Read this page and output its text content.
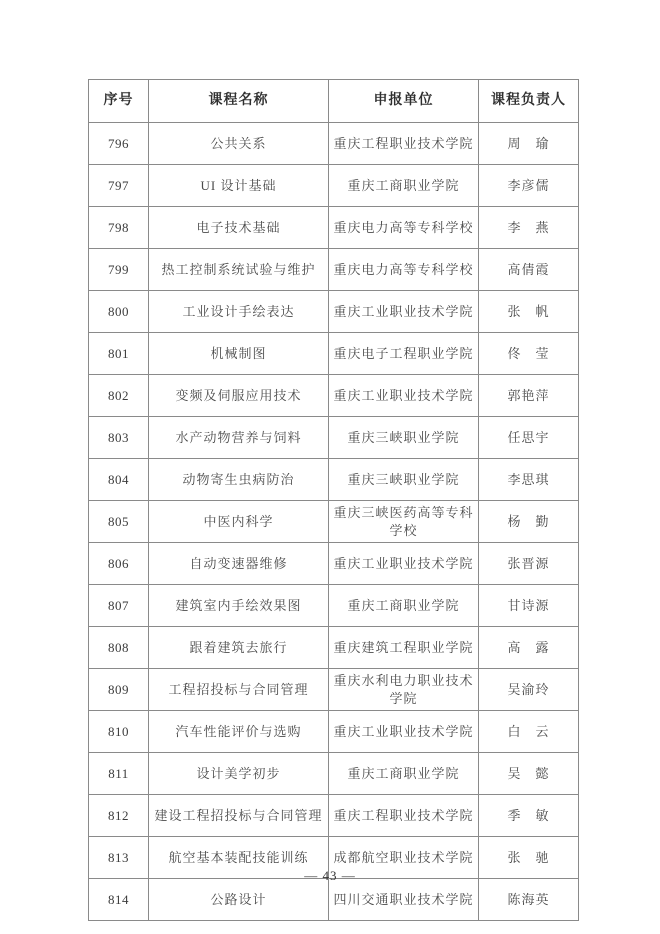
序号	课程名称	申报单位	课程负责人
796	公共关系	重庆工程职业技术学院	周　瑜
797	UI 设计基础	重庆工商职业学院	李彦儒
798	电子技术基础	重庆电力高等专科学校	李　燕
799	热工控制系统试验与维护	重庆电力高等专科学校	高倩霞
800	工业设计手绘表达	重庆工业职业技术学院	张　帆
801	机械制图	重庆电子工程职业学院	佟　莹
802	变频及伺服应用技术	重庆工业职业技术学院	郭艳萍
803	水产动物营养与饲料	重庆三峡职业学院	任思宇
804	动物寄生虫病防治	重庆三峡职业学院	李思琪
805	中医内科学	重庆三峡医药高等专科学校	杨　勤
806	自动变速器维修	重庆工业职业技术学院	张晋源
807	建筑室内手绘效果图	重庆工商职业学院	甘诗源
808	跟着建筑去旅行	重庆建筑工程职业学院	高　露
809	工程招投标与合同管理	重庆水利电力职业技术学院	吴渝玲
810	汽车性能评价与选购	重庆工业职业技术学院	白　云
811	设计美学初步	重庆工商职业学院	吴　懿
812	建设工程招投标与合同管理	重庆工程职业技术学院	季　敏
813	航空基本装配技能训练	成都航空职业技术学院	张　驰
814	公路设计	四川交通职业技术学院	陈海英
— 43 —
